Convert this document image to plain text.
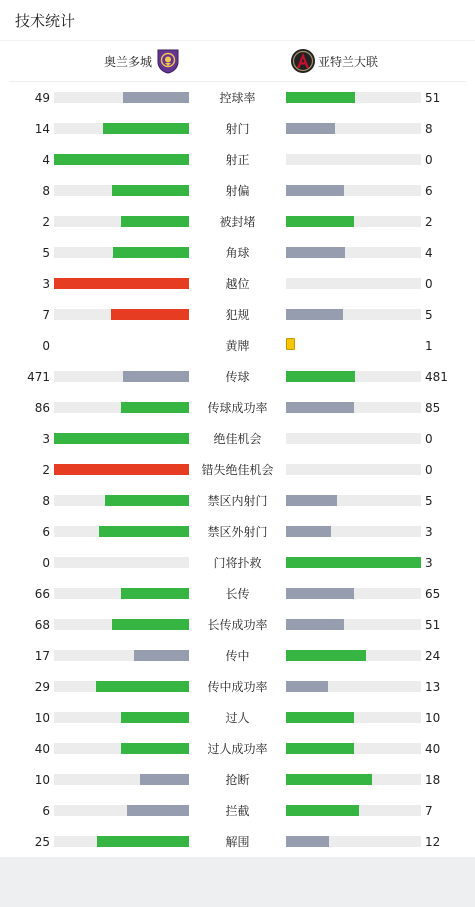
技术统计
奥兰多城	亚特兰大联
49	控球率	51
14	射门	8
4	射正	0
8	射偏	6
2	被封堵	2
5	角球	4
3	越位	0
7	犯规	5
0	黄牌	1
471	传球	481
86	传球成功率	85
3	绝佳机会	0
2	错失绝佳机会	0
8	禁区内射门	5
6	禁区外射门	3
0	门将扑救	3
66	长传	65
68	长传成功率	51
17	传中	24
29	传中成功率	13
10	过人	10
40	过人成功率	40
10	抢断	18
6	拦截	7
25	解围	12
